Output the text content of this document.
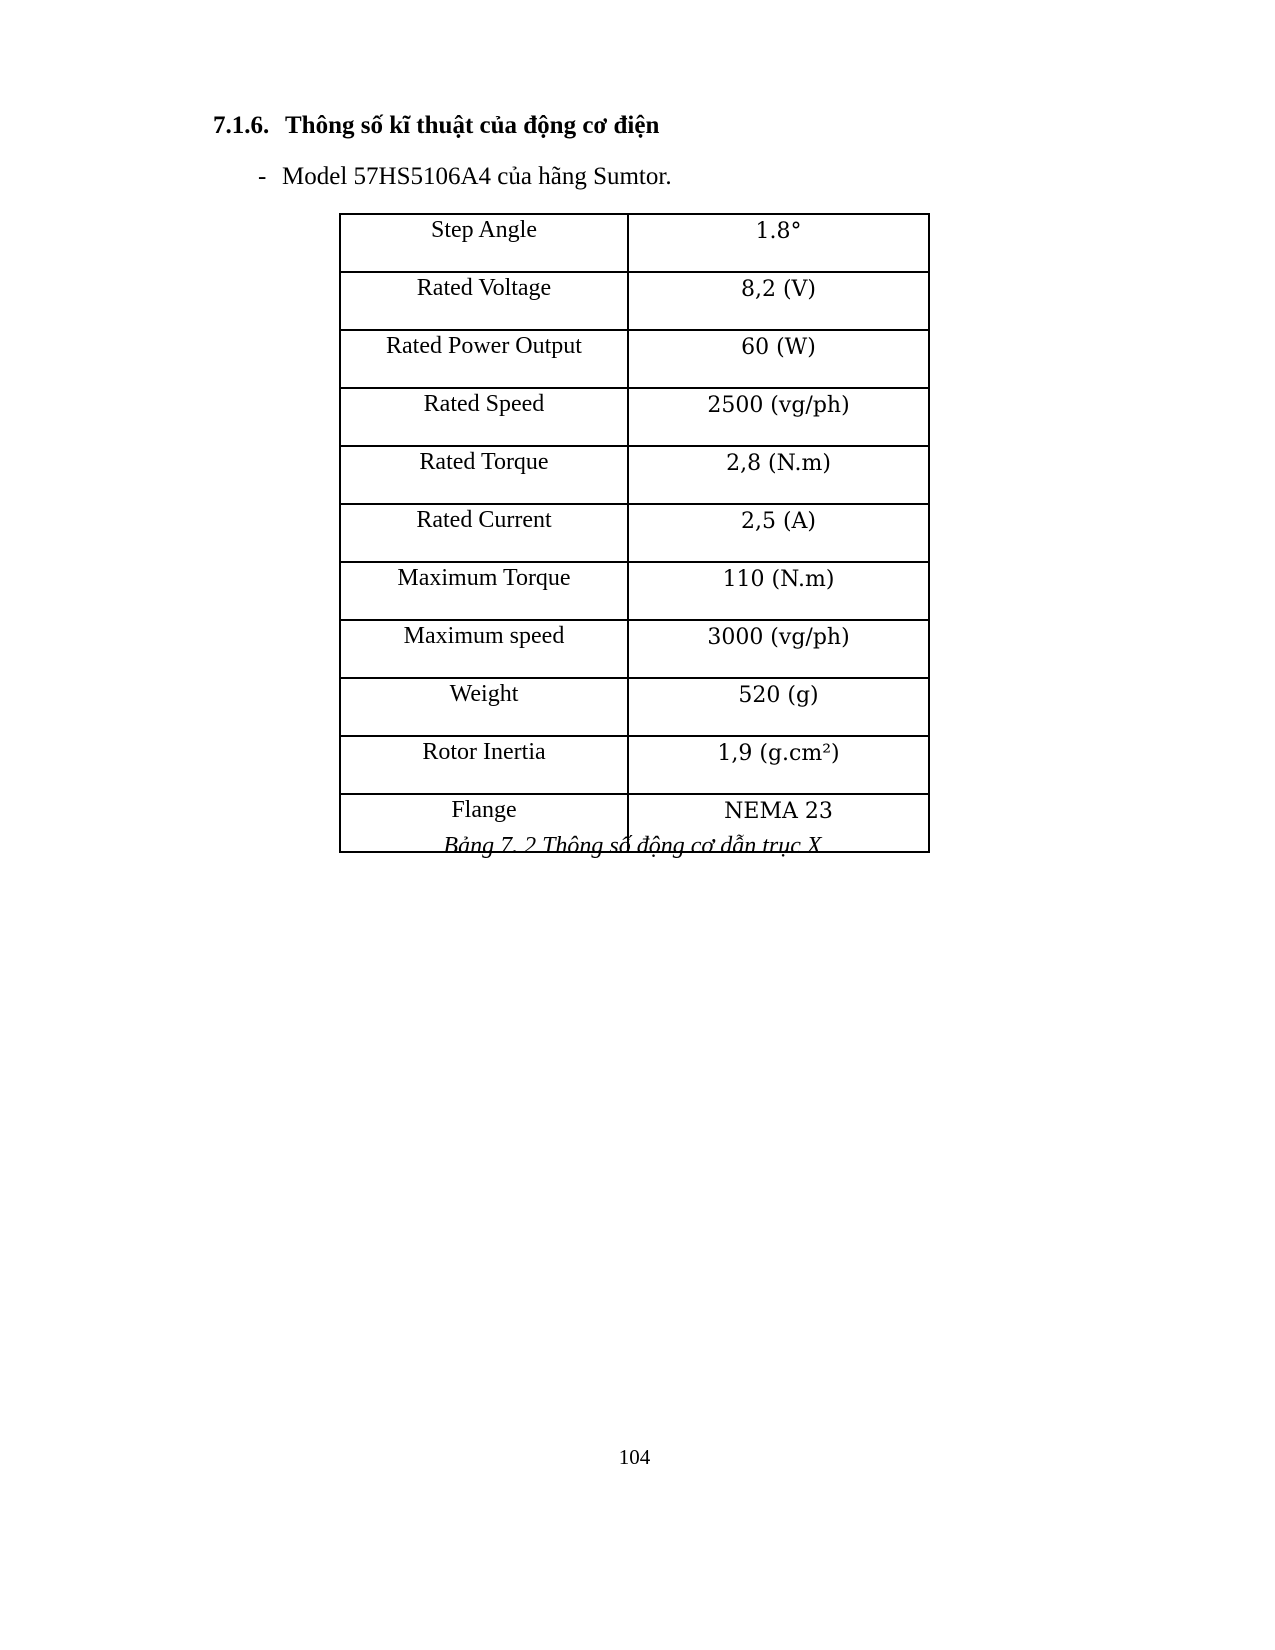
7.1.6. Thông số kĩ thuật của động cơ điện
- Model 57HS5106A4 của hãng Sumtor.
Step Angle	1.8°
Rated Voltage	8,2 (V)
Rated Power Output	60 (W)
Rated Speed	2500 (vg/ph)
Rated Torque	2,8 (N.m)
Rated Current	2,5 (A)
Maximum Torque	110 (N.m)
Maximum speed	3000 (vg/ph)
Weight	520 (g)
Rotor Inertia	1,9 (g.cm²)
Flange	NEMA 23
Bảng 7. 2 Thông số động cơ dẫn trục X
104
